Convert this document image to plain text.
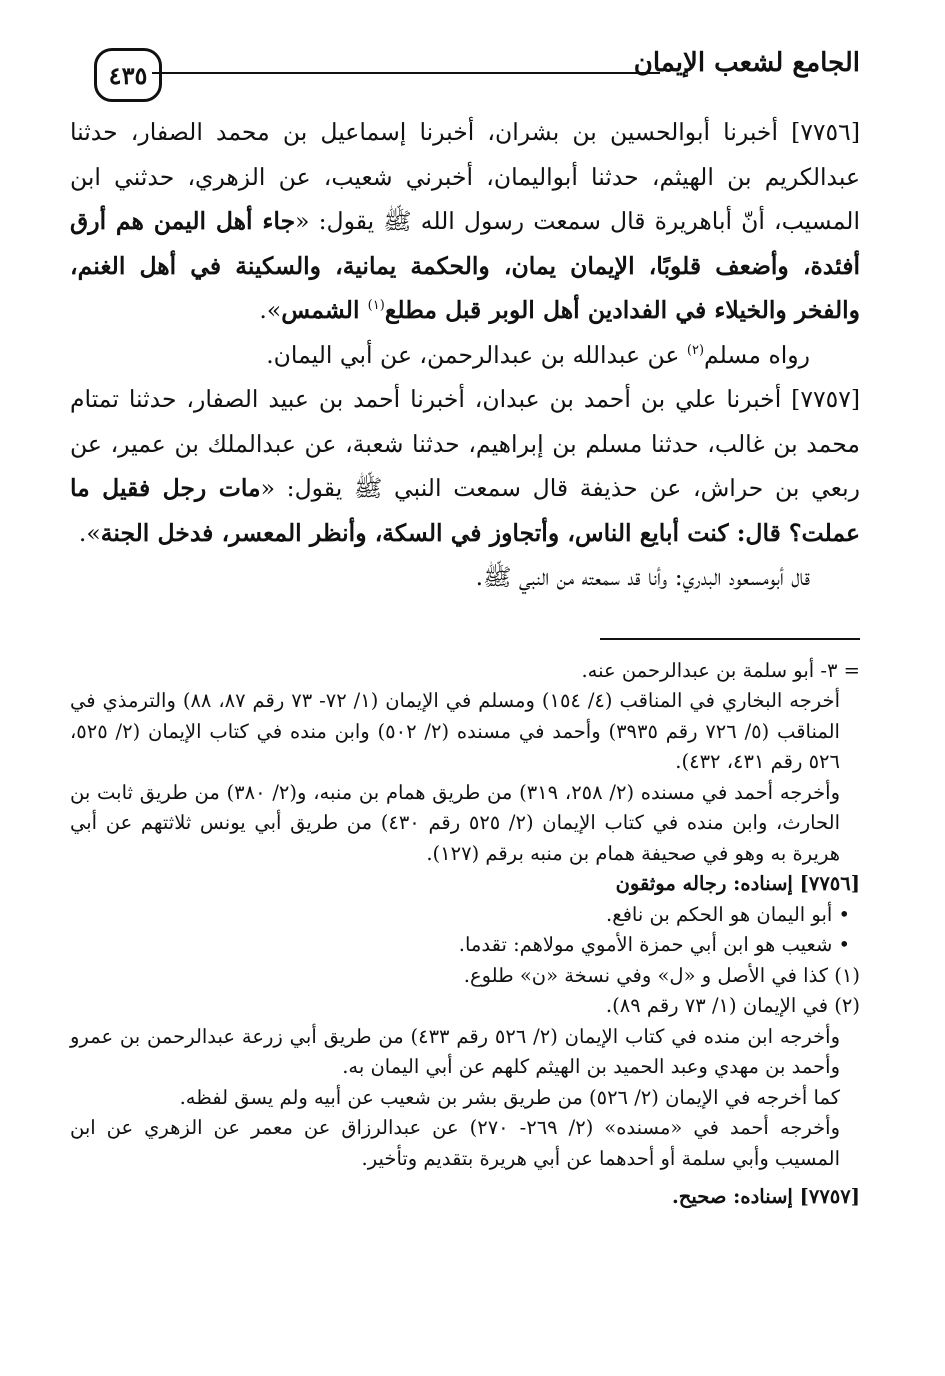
الجامع لشعب الإيمان
٤٣٥

[٧٧٥٦] أخبرنا أبوالحسين بن بشران، أخبرنا إسماعيل بن محمد الصفار، حدثنا عبدالكريم بن الهيثم، حدثنا أبواليمان، أخبرني شعيب، عن الزهري، حدثني ابن المسيب، أنّ أباهريرة قال سمعت رسول الله ﷺ يقول: «جاء أهل اليمن هم أرق أفئدة، وأضعف قلوبًا، الإيمان يمان، والحكمة يمانية، والسكينة في أهل الغنم، والفخر والخيلاء في الفدادين أهل الوبر قبل مطلع$^{(١)}$ الشمس».

رواه مسلم$^{(٢)}$ عن عبدالله بن عبدالرحمن، عن أبي اليمان.

[٧٧٥٧] أخبرنا علي بن أحمد بن عبدان، أخبرنا أحمد بن عبيد الصفار، حدثنا تمتام محمد بن غالب، حدثنا مسلم بن إبراهيم، حدثنا شعبة، عن عبدالملك بن عمير، عن ربعي بن حراش، عن حذيفة قال سمعت النبي ﷺ يقول: «مات رجل فقيل ما عملت؟ قال: كنت أبايع الناس، وأتجاوز في السكة، وأنظر المعسر، فدخل الجنة».

قال أبومسعود البدري: وأنا قد سمعته من النبي ﷺ.

= ٣- أبو سلمة بن عبدالرحمن عنه.

أخرجه البخاري في المناقب (٤/ ١٥٤) ومسلم في الإيمان (١/ ٧٢- ٧٣ رقم ٨٧، ٨٨) والترمذي في المناقب (٥/ ٧٢٦ رقم ٣٩٣٥) وأحمد في مسنده (٢/ ٥٠٢) وابن منده في كتاب الإيمان (٢/ ٥٢٥، ٥٢٦ رقم ٤٣١، ٤٣٢).

وأخرجه أحمد في مسنده (٢/ ٢٥٨، ٣١٩) من طريق همام بن منبه، و(٢/ ٣٨٠) من طريق ثابت بن الحارث، وابن منده في كتاب الإيمان (٢/ ٥٢٥ رقم ٤٣٠) من طريق أبي يونس ثلاثتهم عن أبي هريرة به وهو في صحيفة همام بن منبه برقم (١٢٧).

[٧٧٥٦] إسناده: رجاله موثقون

• أبو اليمان هو الحكم بن نافع.

• شعيب هو ابن أبي حمزة الأموي مولاهم: تقدما.

(١) كذا في الأصل و «ل» وفي نسخة «ن» طلوع.

(٢) في الإيمان (١/ ٧٣ رقم ٨٩).

وأخرجه ابن منده في كتاب الإيمان (٢/ ٥٢٦ رقم ٤٣٣) من طريق أبي زرعة عبدالرحمن بن عمرو وأحمد بن مهدي وعبد الحميد بن الهيثم كلهم عن أبي اليمان به.

كما أخرجه في الإيمان (٢/ ٥٢٦) من طريق بشر بن شعيب عن أبيه ولم يسق لفظه.

وأخرجه أحمد في «مسنده» (٢/ ٢٦٩- ٢٧٠) عن عبدالرزاق عن معمر عن الزهري عن ابن المسيب وأبي سلمة أو أحدهما عن أبي هريرة بتقديم وتأخير.

[٧٧٥٧] إسناده: صحيح.
